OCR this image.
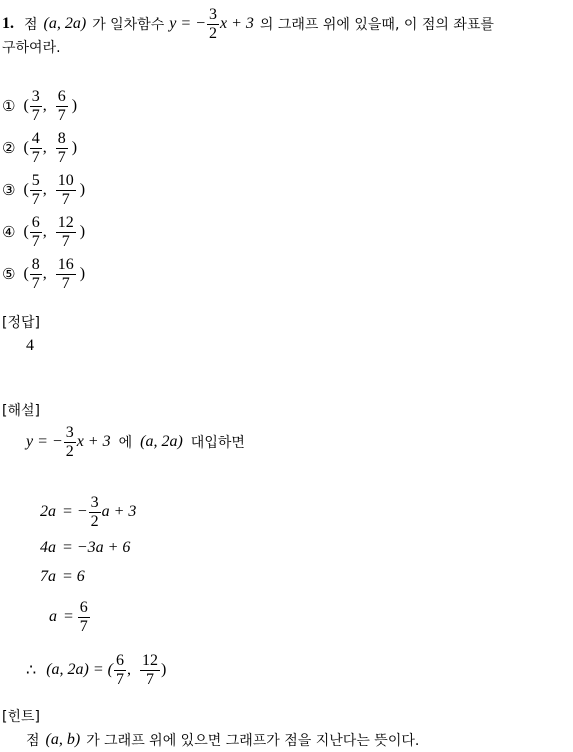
1. 점 (a, 2a) 가 일차함수 y = − $\frac{3}{2}$ x + 3 의 그래프 위에 있을때, 이 점의 좌표를
구하여라.
① ( $\frac{3}{7}$ , $\frac{6}{7}$ )
② ( $\frac{4}{7}$ , $\frac{8}{7}$ )
③ ( $\frac{5}{7}$ , $\frac{10}{7}$ )
④ ( $\frac{6}{7}$ , $\frac{12}{7}$ )
⑤ ( $\frac{8}{7}$ , $\frac{16}{7}$ )
[정답]
4
[해설]
y = − $\frac{3}{2}$ x + 3 에 (a, 2a) 대입하면
2a = − $\frac{3}{2}$ a + 3
4a = −3a + 6
7a = 6
$a = \frac{6}{7}$
∴ (a, 2a) = ( $\frac{6}{7}$ , $\frac{12}{7}$ )
[힌트]
점 (a, b) 가 그래프 위에 있으면 그래프가 점을 지난다는 뜻이다.
